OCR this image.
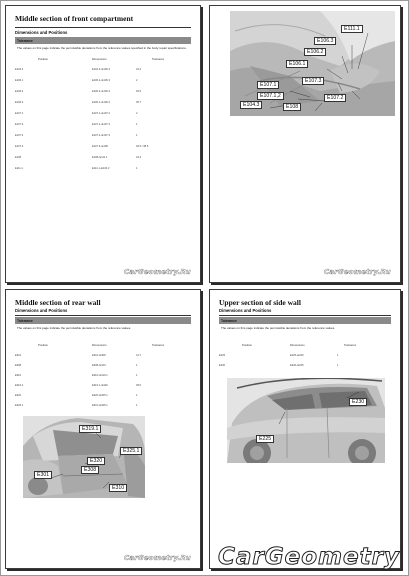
Middle section of front compartment
Dimensions and Positions
Tolerance
The values on this page indicate the permissible deviations from the reference values specified in the body repair specifications.
Position	Dimensions	Tolerance
CarGeometry.Ru
E104.3	E104.3–E106.3	34.2
E106.1	E106.1–E106.3	2
E106.2	E106.2–E106.3	40.5
E106.3	E106.1–E106.2	35.7
E107.1	E107.1–E107.2	2
E107.2	E107.1–E107.3	1
E107.3	E107.2–E107.3	1
E107.4	E107.3–E108	40.5 / 38.5
E108	E108–E111.1	43.2
E111.1	E111.1–E104.3	1
E111.1
E106.3
E106.2
E106.1
E107.3
E107.1
E107.1,2	E107.2
E104.3	E108
CarGeometry.Ru
Middle section of rear wall
Dimensions and Positions
Tolerance
The values on this page indicate the permissible deviations from the reference values.
Position	Dimensions	Tolerance
E319.1
E325.1
E320
E308
E301
E310
CarGeometry.Ru
E301	E301–E308	41.7
E308	E308–E310	1
E310	E310–E319.1	1
E319.1	E319.1–E320	35.0
E320	E320–E325.1	1
E325.1	E301–E325.1	1
Upper section of side wall
Dimensions and Positions
Tolerance
The values on this page indicate the permissible deviations from the reference values.
Position	Dimensions	Tolerance
E230
E225
E225	E225–E230	1
E230	E230–E225	1
CarGeometry
